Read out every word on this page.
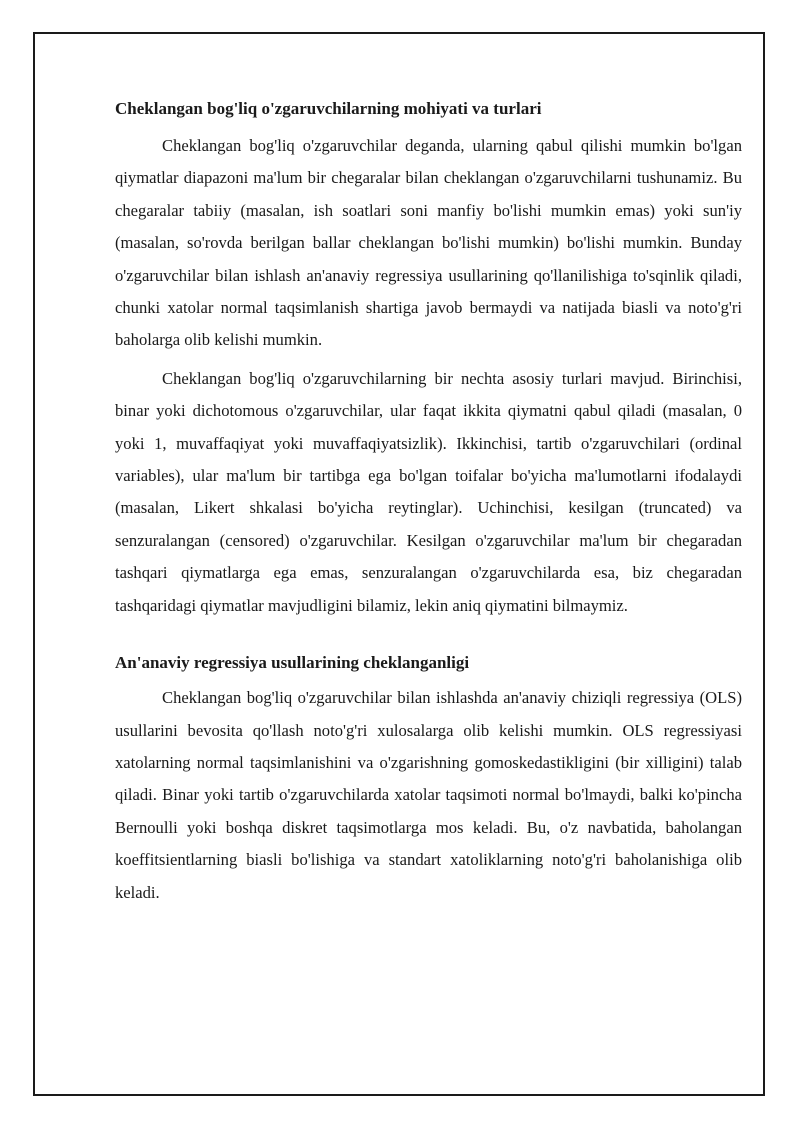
Cheklangan bog'liq o'zgaruvchilarning mohiyati va turlari

Cheklangan bog'liq o'zgaruvchilar deganda, ularning qabul qilishi mumkin bo'lgan qiymatlar diapazoni ma'lum bir chegaralar bilan cheklangan o'zgaruvchilarni tushunamiz. Bu chegaralar tabiiy (masalan, ish soatlari soni manfiy bo'lishi mumkin emas) yoki sun'iy (masalan, so'rovda berilgan ballar cheklangan bo'lishi mumkin) bo'lishi mumkin. Bunday o'zgaruvchilar bilan ishlash an'anaviy regressiya usullarining qo'llanilishiga to'sqinlik qiladi, chunki xatolar normal taqsimlanish shartiga javob bermaydi va natijada biasli va noto'g'ri baholarga olib kelishi mumkin.

Cheklangan bog'liq o'zgaruvchilarning bir nechta asosiy turlari mavjud. Birinchisi, binar yoki dichotomous o'zgaruvchilar, ular faqat ikkita qiymatni qabul qiladi (masalan, 0 yoki 1, muvaffaqiyat yoki muvaffaqiyatsizlik). Ikkinchisi, tartib o'zgaruvchilari (ordinal variables), ular ma'lum bir tartibga ega bo'lgan toifalar bo'yicha ma'lumotlarni ifodalaydi (masalan, Likert shkalasi bo'yicha reytinglar). Uchinchisi, kesilgan (truncated) va senzuralangan (censored) o'zgaruvchilar. Kesilgan o'zgaruvchilar ma'lum bir chegaradan tashqari qiymatlarga ega emas, senzuralangan o'zgaruvchilarda esa, biz chegaradan tashqaridagi qiymatlar mavjudligini bilamiz, lekin aniq qiymatini bilmaymiz.

An'anaviy regressiya usullarining cheklanganligi

Cheklangan bog'liq o'zgaruvchilar bilan ishlashda an'anaviy chiziqli regressiya (OLS) usullarini bevosita qo'llash noto'g'ri xulosalarga olib kelishi mumkin. OLS regressiyasi xatolarning normal taqsimlanishini va o'zgarishning gomoskedastikligini (bir xilligini) talab qiladi. Binar yoki tartib o'zgaruvchilarda xatolar taqsimoti normal bo'lmaydi, balki ko'pincha Bernoulli yoki boshqa diskret taqsimotlarga mos keladi. Bu, o'z navbatida, baholangan koeffitsientlarning biasli bo'lishiga va standart xatoliklarning noto'g'ri baholanishiga olib keladi.
